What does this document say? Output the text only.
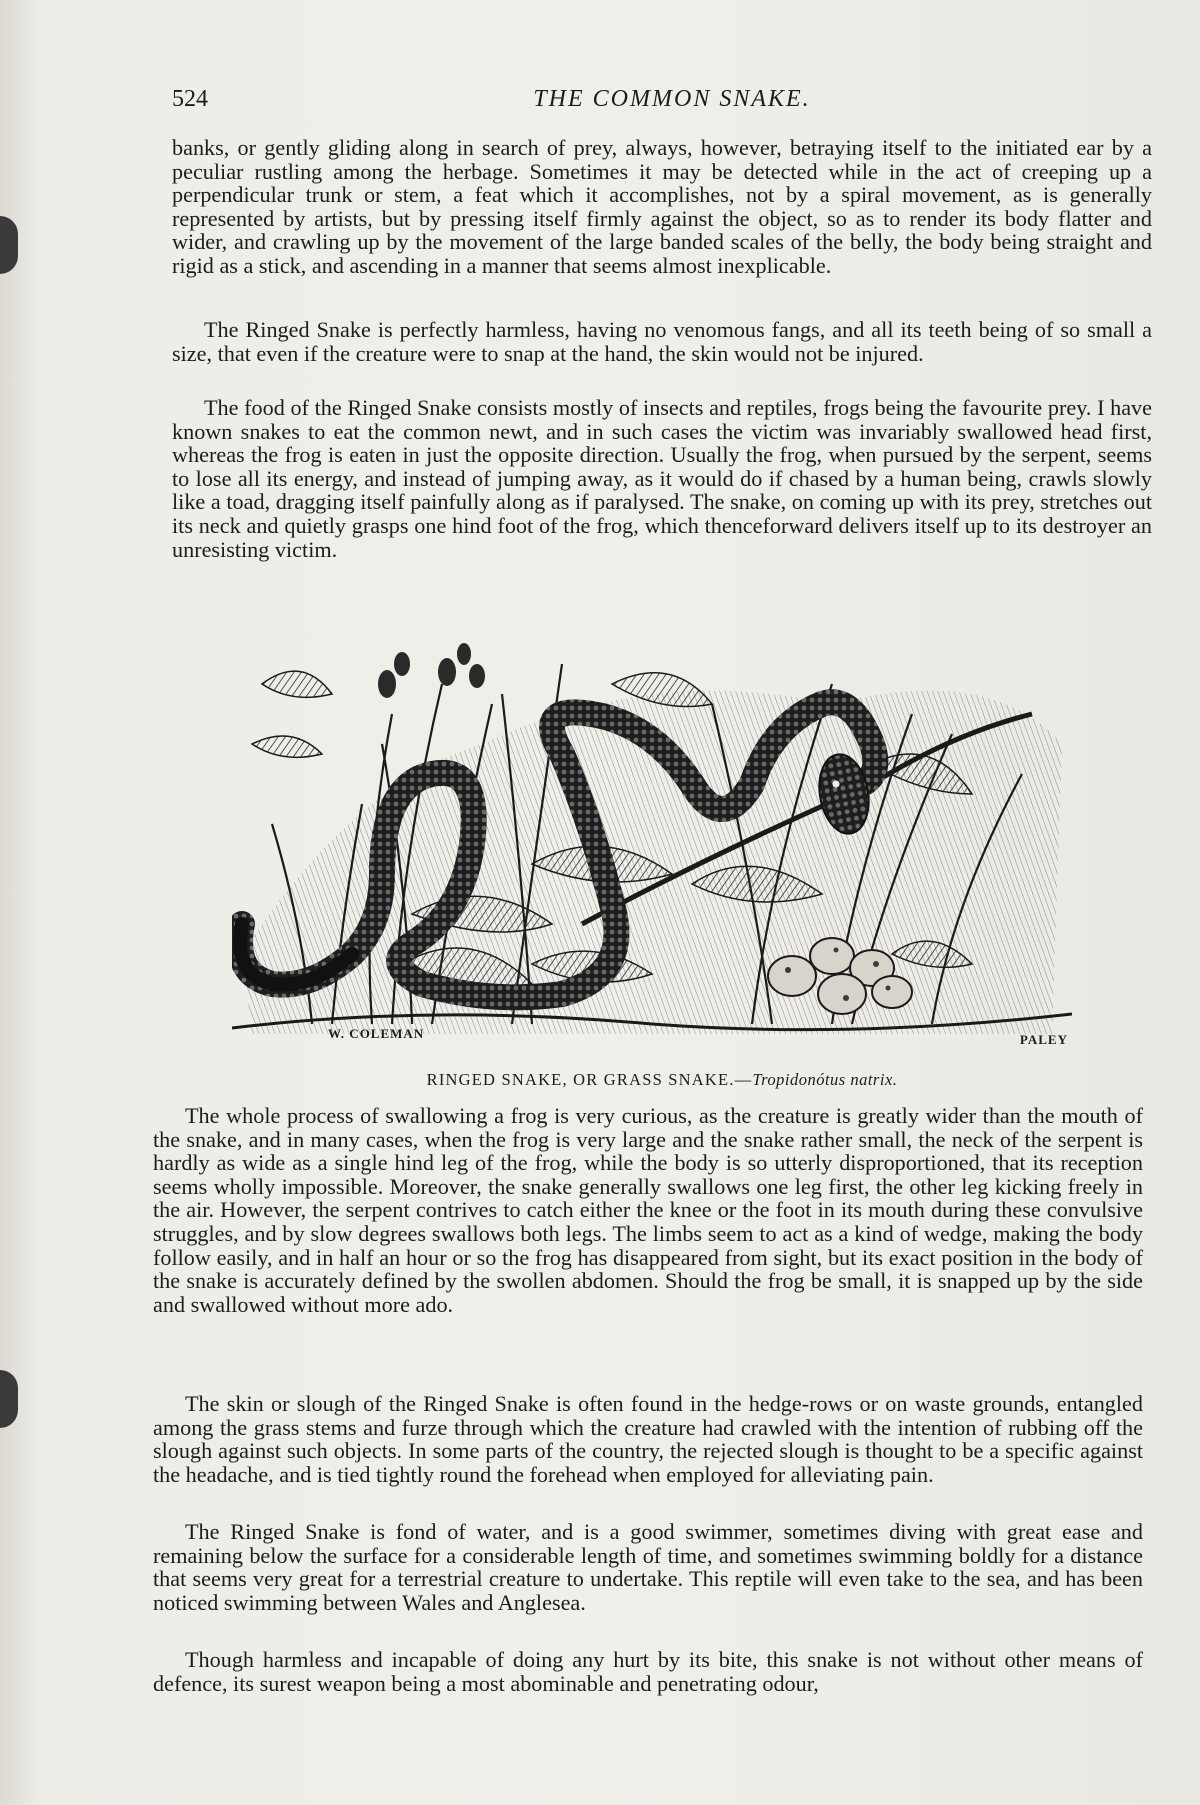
524	THE COMMON SNAKE.

banks, or gently gliding along in search of prey, always, however, betraying itself to the initiated ear by a peculiar rustling among the herbage. Sometimes it may be detected while in the act of creeping up a perpendicular trunk or stem, a feat which it accomplishes, not by a spiral movement, as is generally represented by artists, but by pressing itself firmly against the object, so as to render its body flatter and wider, and crawling up by the movement of the large banded scales of the belly, the body being straight and rigid as a stick, and ascending in a manner that seems almost inexplicable.

The Ringed Snake is perfectly harmless, having no venomous fangs, and all its teeth being of so small a size, that even if the creature were to snap at the hand, the skin would not be injured.

The food of the Ringed Snake consists mostly of insects and reptiles, frogs being the favourite prey. I have known snakes to eat the common newt, and in such cases the victim was invariably swallowed head first, whereas the frog is eaten in just the opposite direction. Usually the frog, when pursued by the serpent, seems to lose all its energy, and instead of jumping away, as it would do if chased by a human being, crawls slowly like a toad, dragging itself painfully along as if paralysed. The snake, on coming up with its prey, stretches out its neck and quietly grasps one hind foot of the frog, which thenceforward delivers itself up to its destroyer an unresisting victim.

W. COLEMAN	PALEY
RINGED SNAKE, OR GRASS SNAKE.—Tropidonótus natrix.

The whole process of swallowing a frog is very curious, as the creature is greatly wider than the mouth of the snake, and in many cases, when the frog is very large and the snake rather small, the neck of the serpent is hardly as wide as a single hind leg of the frog, while the body is so utterly disproportioned, that its reception seems wholly impossible. Moreover, the snake generally swallows one leg first, the other leg kicking freely in the air. However, the serpent contrives to catch either the knee or the foot in its mouth during these convulsive struggles, and by slow degrees swallows both legs. The limbs seem to act as a kind of wedge, making the body follow easily, and in half an hour or so the frog has disappeared from sight, but its exact position in the body of the snake is accurately defined by the swollen abdomen. Should the frog be small, it is snapped up by the side and swallowed without more ado.

The skin or slough of the Ringed Snake is often found in the hedge-rows or on waste grounds, entangled among the grass stems and furze through which the creature had crawled with the intention of rubbing off the slough against such objects. In some parts of the country, the rejected slough is thought to be a specific against the headache, and is tied tightly round the forehead when employed for alleviating pain.

The Ringed Snake is fond of water, and is a good swimmer, sometimes diving with great ease and remaining below the surface for a considerable length of time, and sometimes swimming boldly for a distance that seems very great for a terrestrial creature to undertake. This reptile will even take to the sea, and has been noticed swimming between Wales and Anglesea.

Though harmless and incapable of doing any hurt by its bite, this snake is not without other means of defence, its surest weapon being a most abominable and penetrating odour,
